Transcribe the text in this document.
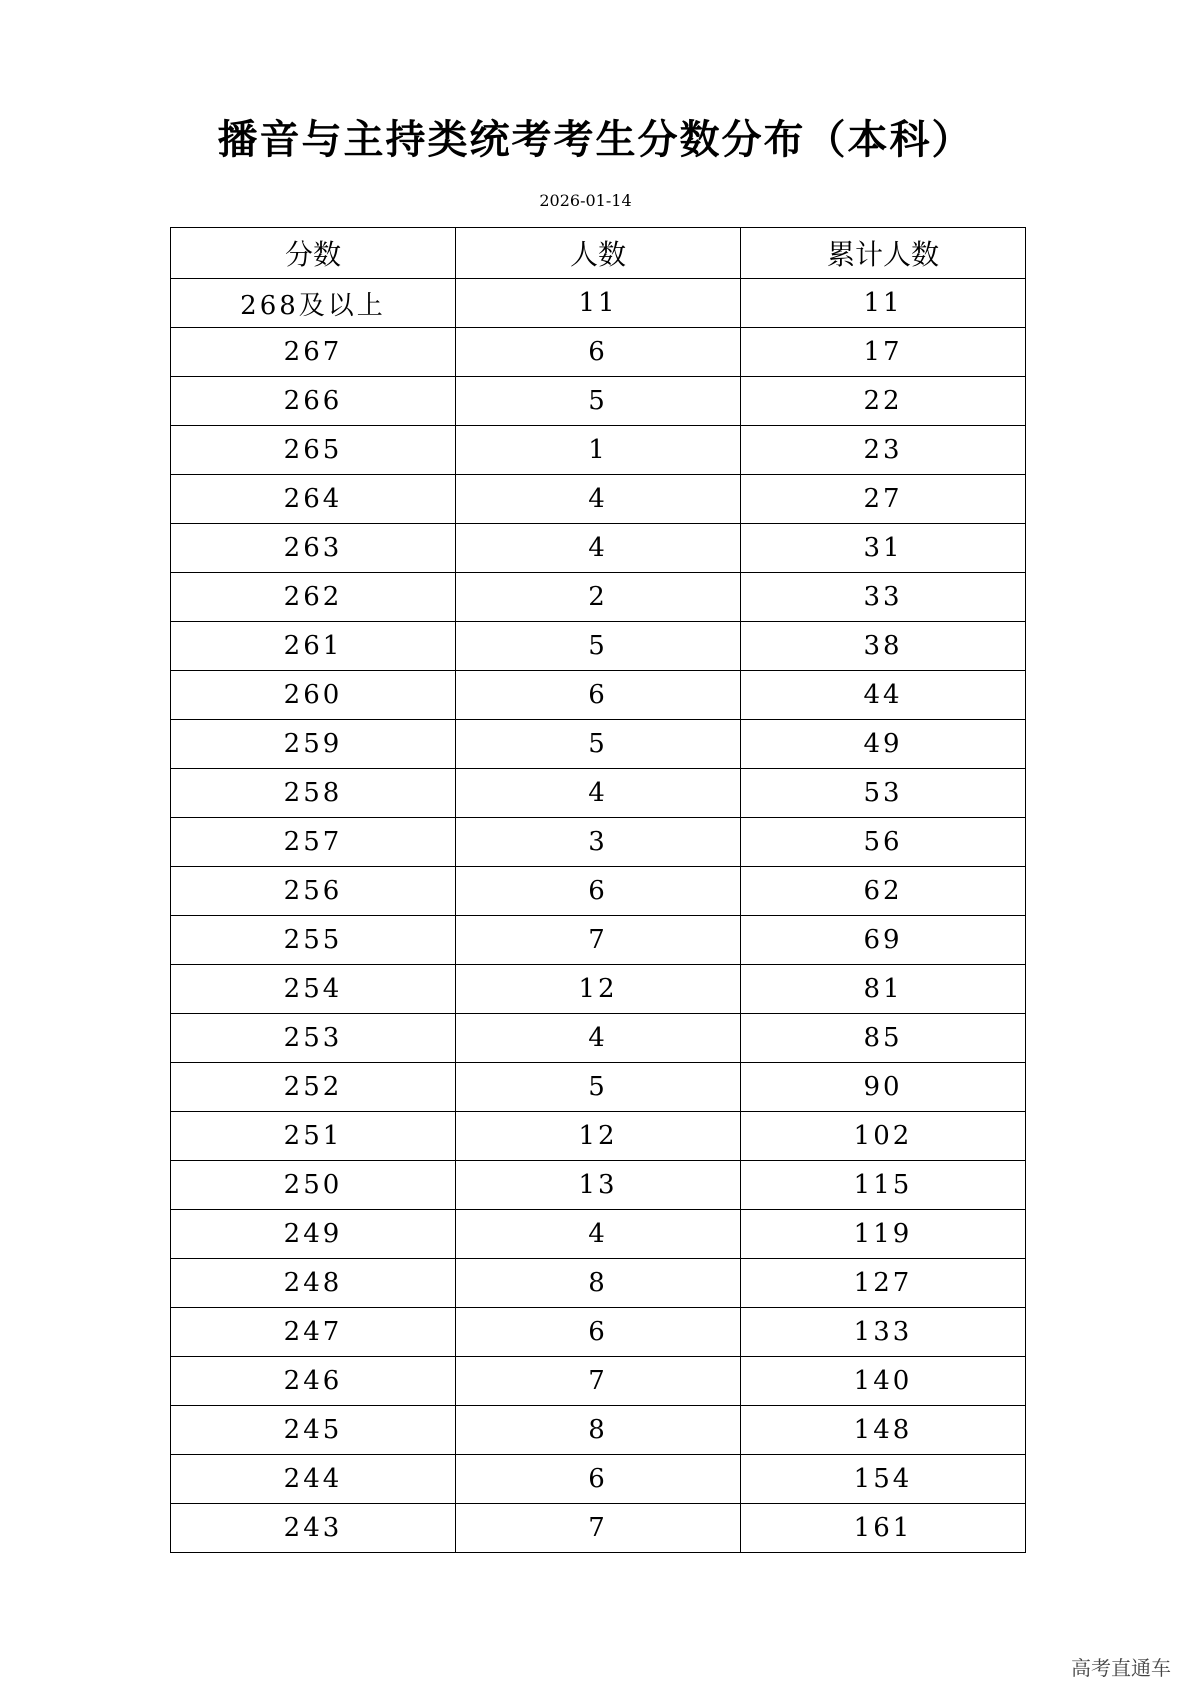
播音与主持类统考考生分数分布（本科）
2026-01-14
分数	人数	累计人数
268及以上	11	11
267	6	17
266	5	22
265	1	23
264	4	27
263	4	31
262	2	33
261	5	38
260	6	44
259	5	49
258	4	53
257	3	56
256	6	62
255	7	69
254	12	81
253	4	85
252	5	90
251	12	102
250	13	115
249	4	119
248	8	127
247	6	133
246	7	140
245	8	148
244	6	154
243	7	161
高考直通车
